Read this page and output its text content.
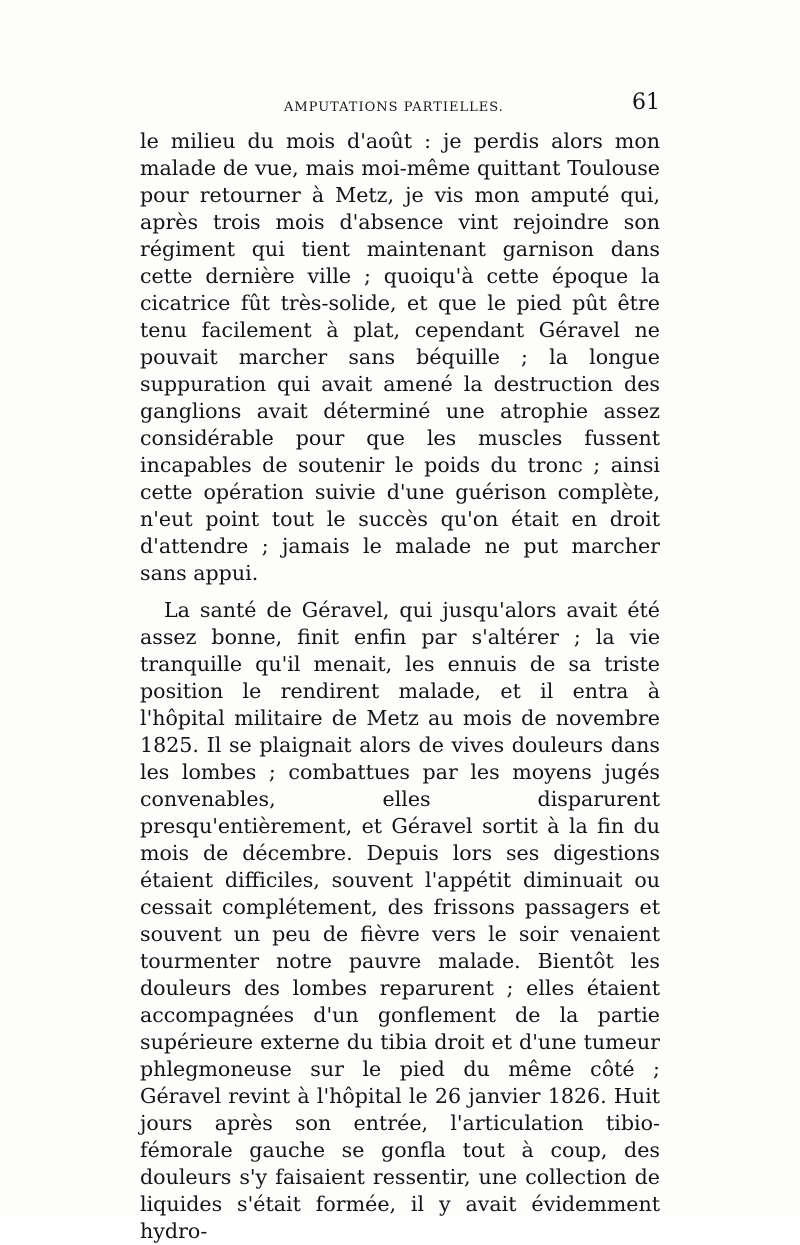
AMPUTATIONS PARTIELLES.	61

le milieu du mois d'août : je perdis alors mon malade de vue, mais moi-même quittant Toulouse pour retourner à Metz, je vis mon amputé qui, après trois mois d'absence vint rejoindre son régiment qui tient maintenant garnison dans cette dernière ville ; quoiqu'à cette époque la cicatrice fût très-solide, et que le pied pût être tenu facilement à plat, cependant Géravel ne pouvait marcher sans béquille ; la longue suppuration qui avait amené la destruction des ganglions avait déterminé une atrophie assez considérable pour que les muscles fussent incapables de soutenir le poids du tronc ; ainsi cette opération suivie d'une guérison complète, n'eut point tout le succès qu'on était en droit d'attendre ; jamais le malade ne put marcher sans appui.

La santé de Géravel, qui jusqu'alors avait été assez bonne, finit enfin par s'altérer ; la vie tranquille qu'il menait, les ennuis de sa triste position le rendirent malade, et il entra à l'hôpital militaire de Metz au mois de novembre 1825. Il se plaignait alors de vives douleurs dans les lombes ; combattues par les moyens jugés convenables, elles disparurent presqu'entièrement, et Géravel sortit à la fin du mois de décembre. Depuis lors ses digestions étaient difficiles, souvent l'appétit diminuait ou cessait complétement, des frissons passagers et souvent un peu de fièvre vers le soir venaient tourmenter notre pauvre malade. Bientôt les douleurs des lombes reparurent ; elles étaient accompagnées d'un gonflement de la partie supérieure externe du tibia droit et d'une tumeur phlegmoneuse sur le pied du même côté ; Géravel revint à l'hôpital le 26 janvier 1826. Huit jours après son entrée, l'articulation tibio-fémorale gauche se gonfla tout à coup, des douleurs s'y faisaient ressentir, une collection de liquides s'était formée, il y avait évidemment hydro-
